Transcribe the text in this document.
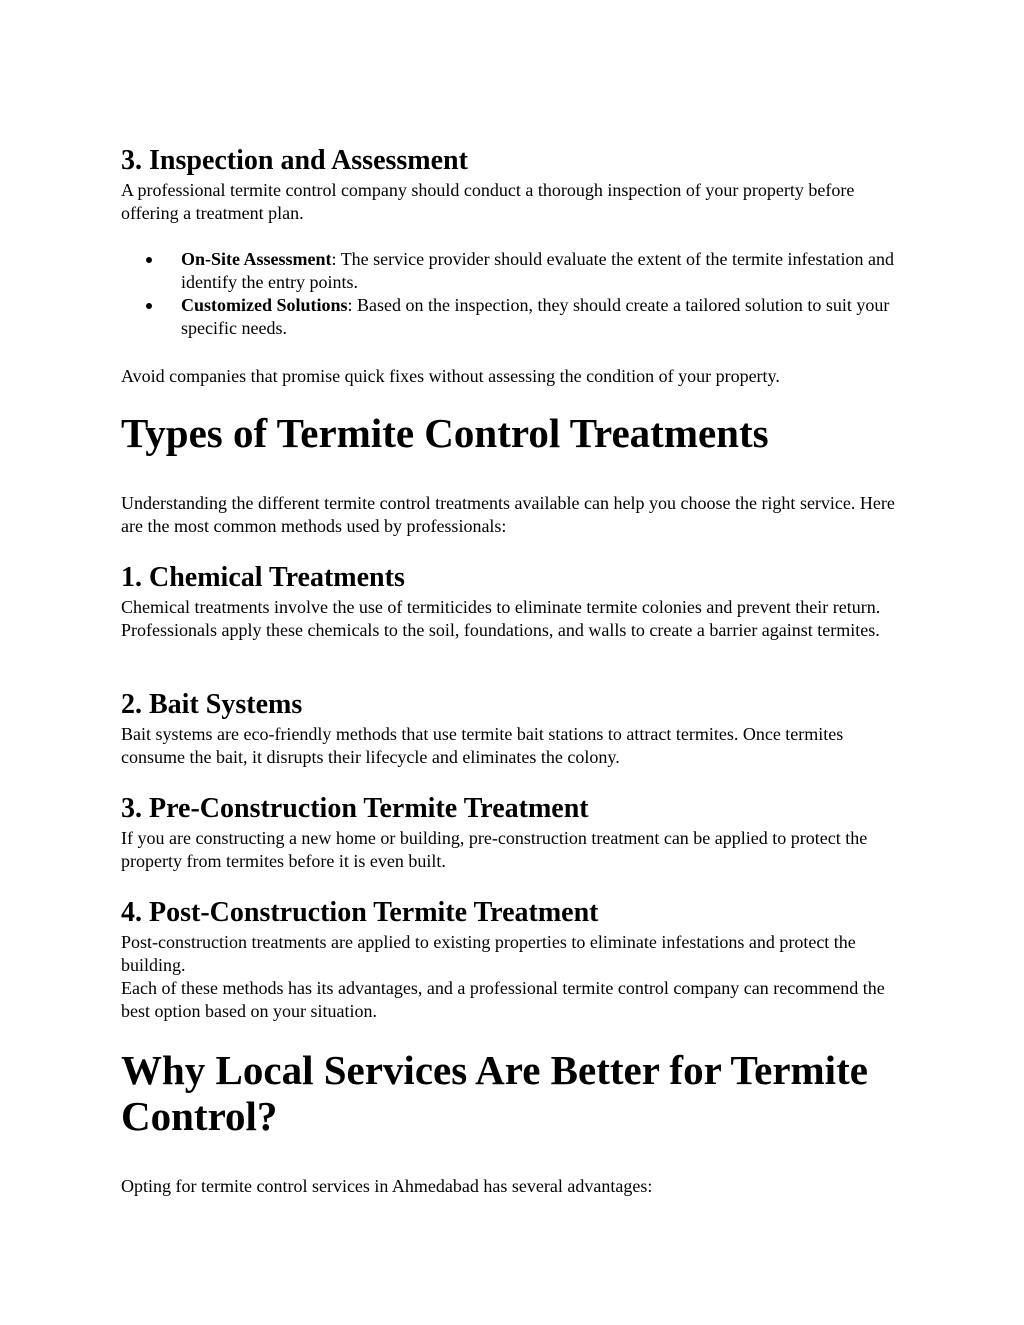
3. Inspection and Assessment

A professional termite control company should conduct a thorough inspection of your property before offering a treatment plan.

On-Site Assessment: The service provider should evaluate the extent of the termite infestation and identify the entry points.
Customized Solutions: Based on the inspection, they should create a tailored solution to suit your specific needs.

Avoid companies that promise quick fixes without assessing the condition of your property.

Types of Termite Control Treatments

Understanding the different termite control treatments available can help you choose the right service. Here are the most common methods used by professionals:

1. Chemical Treatments

Chemical treatments involve the use of termiticides to eliminate termite colonies and prevent their return. Professionals apply these chemicals to the soil, foundations, and walls to create a barrier against termites.

2. Bait Systems

Bait systems are eco-friendly methods that use termite bait stations to attract termites. Once termites consume the bait, it disrupts their lifecycle and eliminates the colony.

3. Pre-Construction Termite Treatment

If you are constructing a new home or building, pre-construction treatment can be applied to protect the property from termites before it is even built.

4. Post-Construction Termite Treatment

Post-construction treatments are applied to existing properties to eliminate infestations and protect the building.

Each of these methods has its advantages, and a professional termite control company can recommend the best option based on your situation.

Why Local Services Are Better for Termite Control?

Opting for termite control services in Ahmedabad has several advantages:
